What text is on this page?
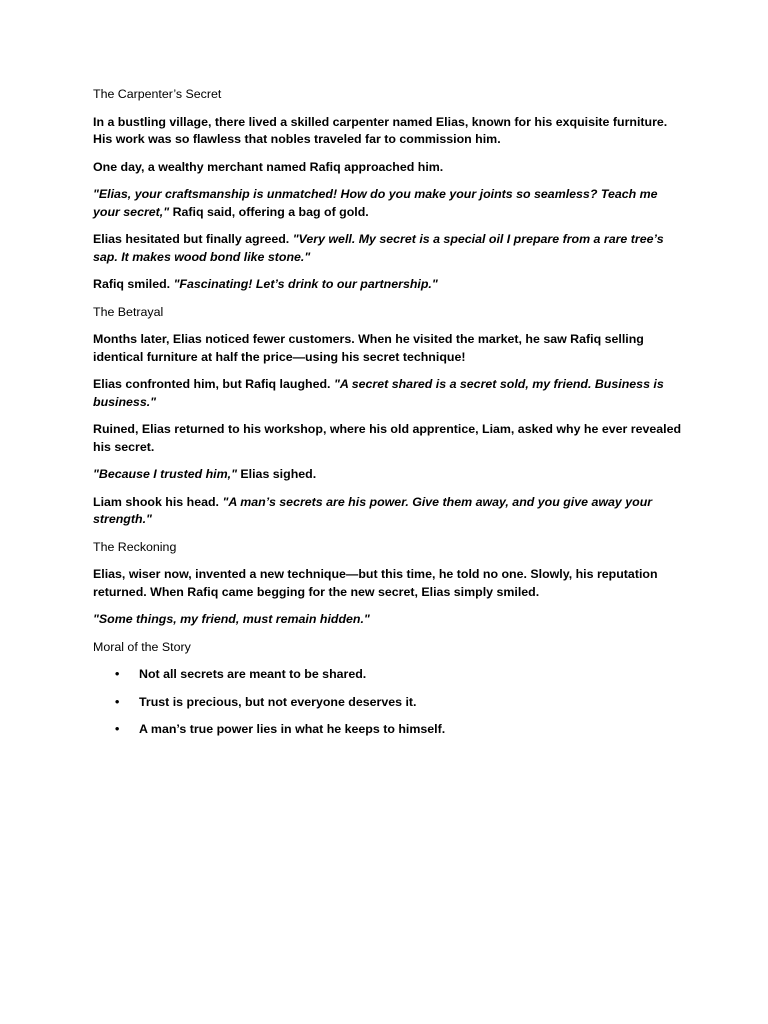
The Carpenter’s Secret
In a bustling village, there lived a skilled carpenter named Elias, known for his exquisite furniture. His work was so flawless that nobles traveled far to commission him.
One day, a wealthy merchant named Rafiq approached him.
"Elias, your craftsmanship is unmatched! How do you make your joints so seamless? Teach me your secret," Rafiq said, offering a bag of gold.
Elias hesitated but finally agreed. "Very well. My secret is a special oil I prepare from a rare tree’s sap. It makes wood bond like stone."
Rafiq smiled. "Fascinating! Let’s drink to our partnership."
The Betrayal
Months later, Elias noticed fewer customers. When he visited the market, he saw Rafiq selling identical furniture at half the price—using his secret technique!
Elias confronted him, but Rafiq laughed. "A secret shared is a secret sold, my friend. Business is business."
Ruined, Elias returned to his workshop, where his old apprentice, Liam, asked why he ever revealed his secret.
"Because I trusted him," Elias sighed.
Liam shook his head. "A man’s secrets are his power. Give them away, and you give away your strength."
The Reckoning
Elias, wiser now, invented a new technique—but this time, he told no one. Slowly, his reputation returned. When Rafiq came begging for the new secret, Elias simply smiled.
"Some things, my friend, must remain hidden."
Moral of the Story
• Not all secrets are meant to be shared.
• Trust is precious, but not everyone deserves it.
• A man’s true power lies in what he keeps to himself.
